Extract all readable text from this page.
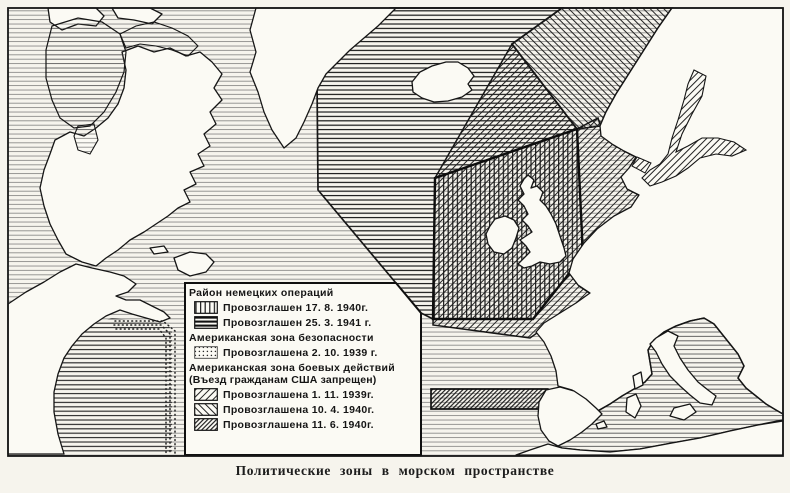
Район немецких операций
Провозглашен 17. 8. 1940г.
Провозглашен 25. 3. 1941 г.
Американская зона безопасности
Провозглашена 2. 10. 1939 г.
Американская зона боевых действий
(Въезд гражданам США запрещен)
Провозглашена 1. 11. 1939г.
Провозглашена 10. 4. 1940г.
Провозглашена 11. 6. 1940г.
Политические зоны в морском пространстве
